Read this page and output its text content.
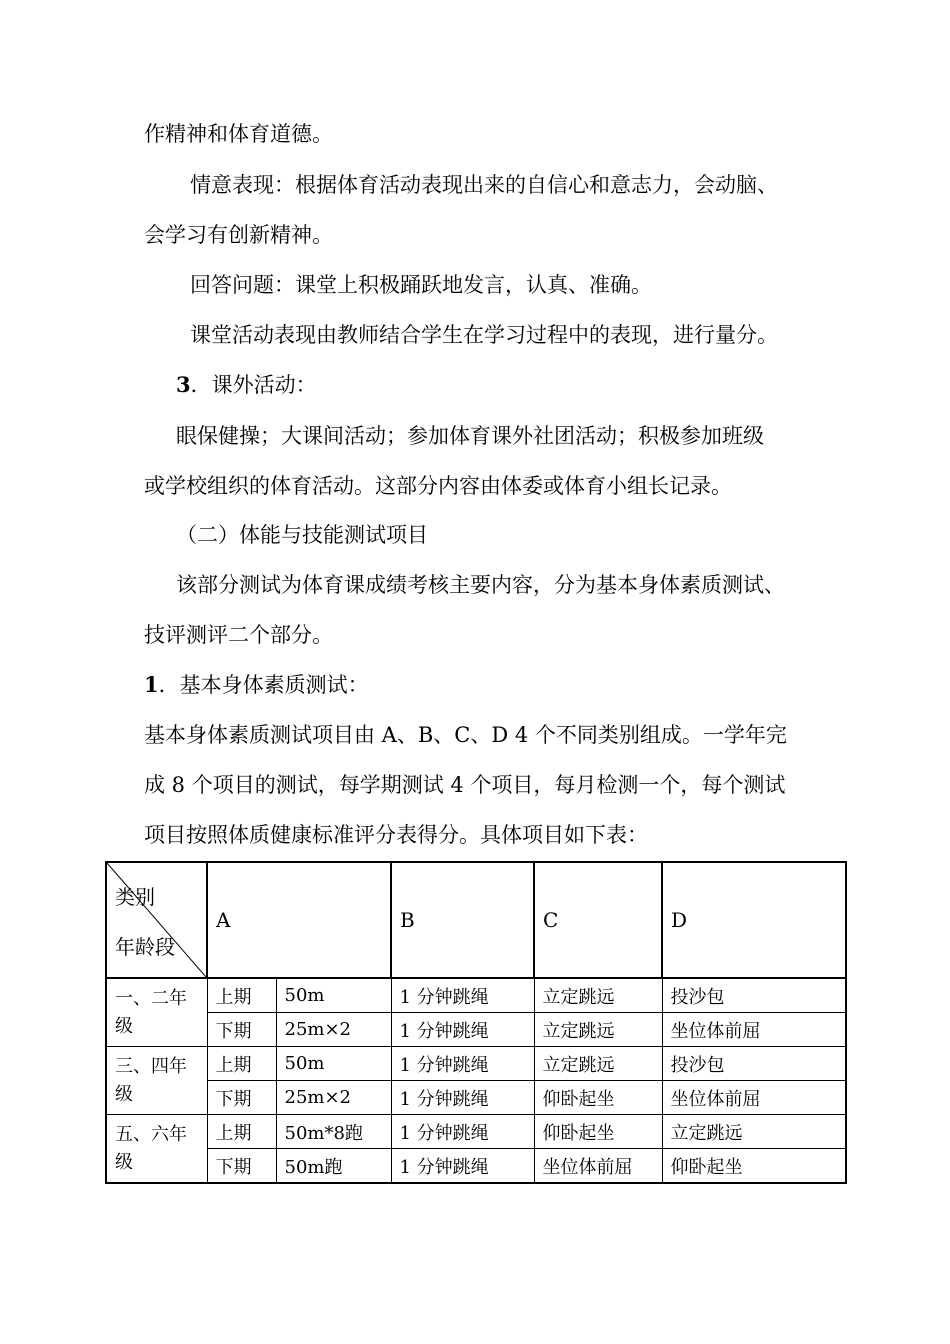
作精神和体育道德。
情意表现：根据体育活动表现出来的自信心和意志力，会动脑、
会学习有创新精神。
回答问题：课堂上积极踊跃地发言，认真、准确。
课堂活动表现由教师结合学生在学习过程中的表现，进行量分。
3．课外活动：
眼保健操；大课间活动；参加体育课外社团活动；积极参加班级
或学校组织的体育活动。这部分内容由体委或体育小组长记录。
（二）体能与技能测试项目
该部分测试为体育课成绩考核主要内容，分为基本身体素质测试、
技评测评二个部分。
1．基本身体素质测试：
基本身体素质测试项目由 A、B、C、D 4 个不同类别组成。一学年完
成 8 个项目的测试，每学期测试 4 个项目，每月检测一个，每个测试
项目按照体质健康标准评分表得分。具体项目如下表：
类别
年龄段	A		B	C	D
一、二年级	上期	50m	1 分钟跳绳	立定跳远	投沙包
	下期	25m×2	1 分钟跳绳	立定跳远	坐位体前屈
三、四年级	上期	50m	1 分钟跳绳	立定跳远	投沙包
	下期	25m×2	1 分钟跳绳	仰卧起坐	坐位体前屈
五、六年级	上期	50m*8跑	1 分钟跳绳	仰卧起坐	立定跳远
	下期	50m跑	1 分钟跳绳	坐位体前屈	仰卧起坐
